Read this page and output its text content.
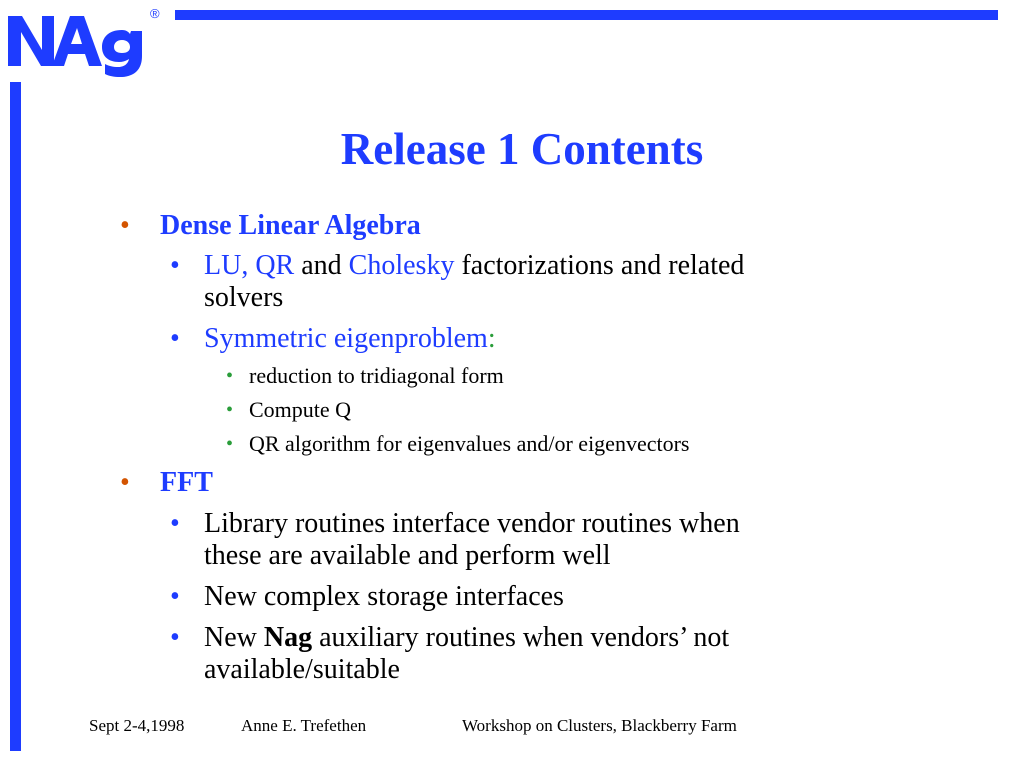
®
Release 1 Contents
• Dense Linear Algebra
• LU, QR and Cholesky factorizations and related
solvers
• Symmetric eigenproblem:
• reduction to tridiagonal form
• Compute Q
• QR algorithm for eigenvalues and/or eigenvectors
• FFT
• Library routines interface vendor routines when
these are available and perform well
• New complex storage interfaces
• New Nag auxiliary routines when vendors’ not
available/suitable
Sept 2-4,1998	Anne E. Trefethen	Workshop on Clusters, Blackberry Farm
